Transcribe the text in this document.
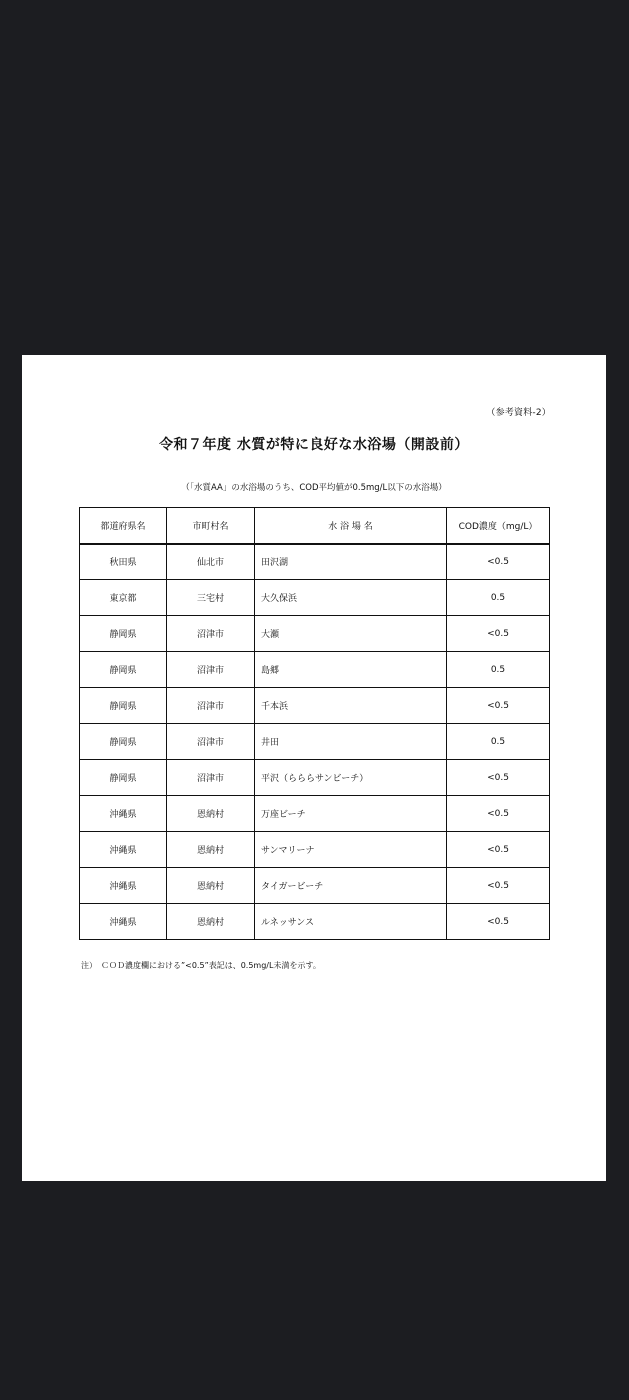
（参考資料-2）
令和７年度 水質が特に良好な水浴場（開設前）
（「水質AA」の水浴場のうち、COD平均値が0.5mg/L以下の水浴場）
都道府県名	市町村名	水 浴 場 名	COD濃度（mg/L）
秋田県	仙北市	田沢湖	<0.5
東京都	三宅村	大久保浜	0.5
静岡県	沼津市	大瀬	<0.5
静岡県	沼津市	島郷	0.5
静岡県	沼津市	千本浜	<0.5
静岡県	沼津市	井田	0.5
静岡県	沼津市	平沢（らららサンビーチ）	<0.5
沖縄県	恩納村	万座ビーチ	<0.5
沖縄県	恩納村	サンマリーナ	<0.5
沖縄県	恩納村	タイガービーチ	<0.5
沖縄県	恩納村	ルネッサンス	<0.5
注）　ＣＯＤ濃度欄における”<0.5”表記は、0.5mg/L未満を示す。
